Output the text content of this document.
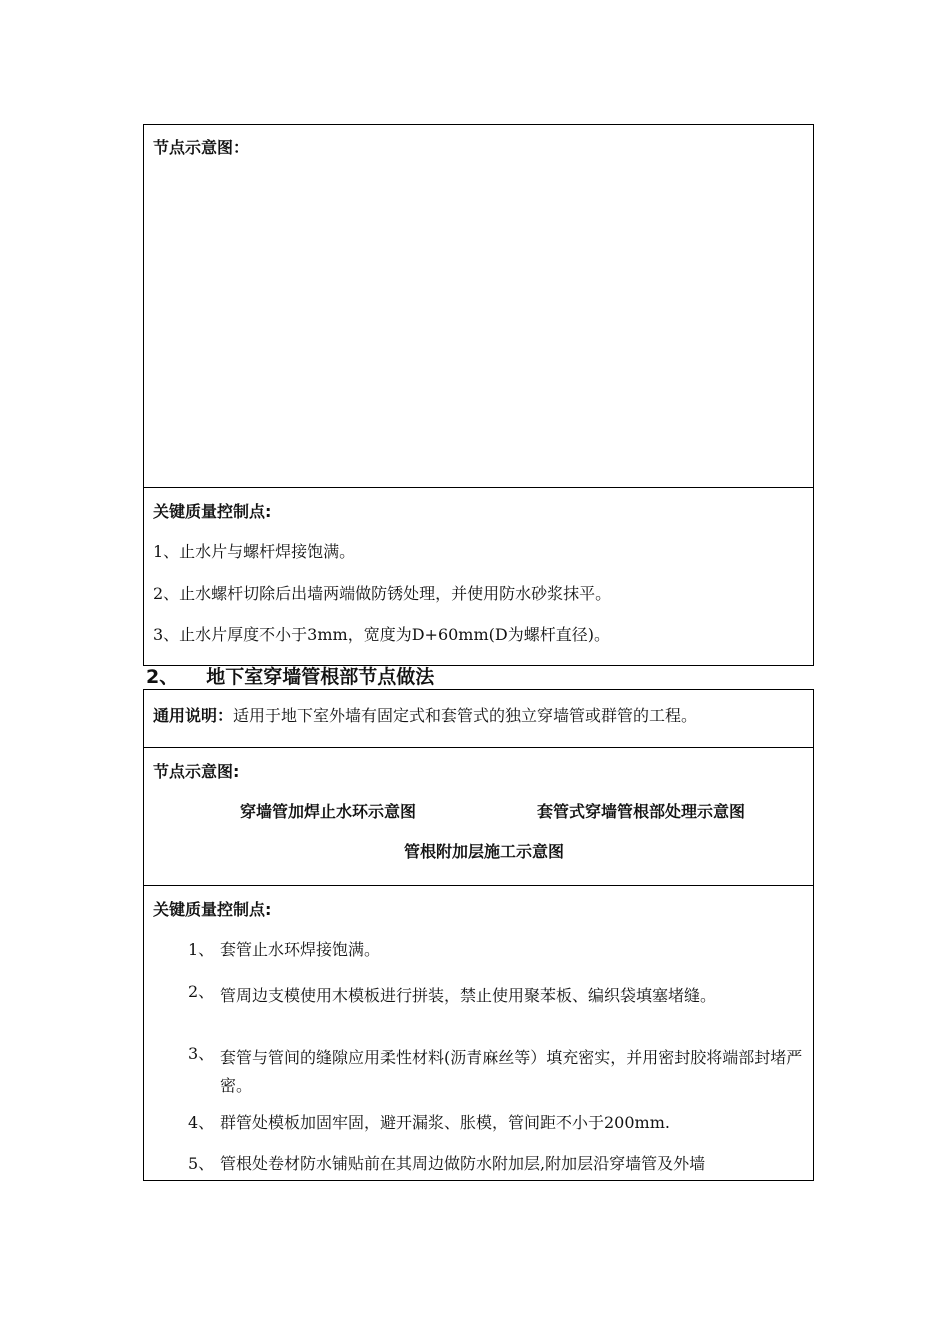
节点示意图：
关键质量控制点:
1、止水片与螺杆焊接饱满。
2、止水螺杆切除后出墙两端做防锈处理，并使用防水砂浆抹平。
3、止水片厚度不小于3mm，宽度为D+60mm(D为螺杆直径)。
2、 地下室穿墙管根部节点做法
通用说明：适用于地下室外墙有固定式和套管式的独立穿墙管或群管的工程。
节点示意图:
穿墙管加焊止水环示意图	套管式穿墙管根部处理示意图
管根附加层施工示意图
关键质量控制点:
1、 套管止水环焊接饱满。
2、 管周边支模使用木模板进行拼装，禁止使用聚苯板、编织袋填塞堵缝。
3、 套管与管间的缝隙应用柔性材料(沥青麻丝等）填充密实，并用密封胶将端部封堵严密。
4、 群管处模板加固牢固，避开漏浆、胀模，管间距不小于200mm.
5、 管根处卷材防水铺贴前在其周边做防水附加层,附加层沿穿墙管及外墙
